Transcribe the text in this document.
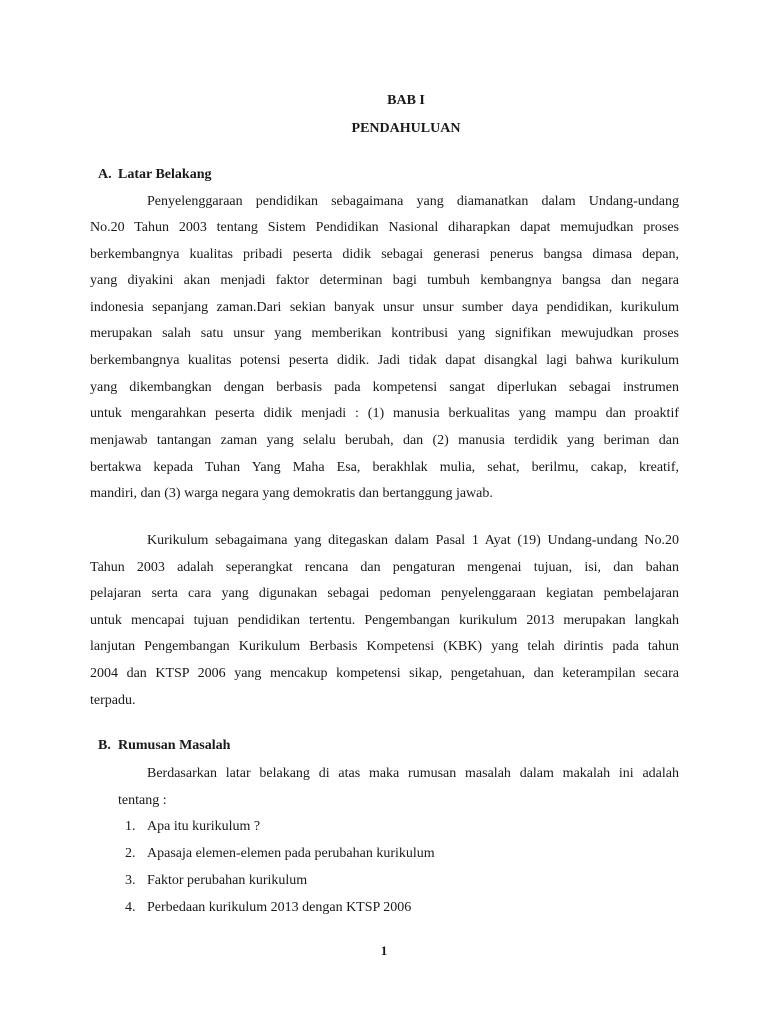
BAB I
PENDAHULUAN
A. Latar Belakang
Penyelenggaraan pendidikan sebagaimana yang diamanatkan dalam Undang-undang
No.20 Tahun 2003 tentang Sistem Pendidikan Nasional diharapkan dapat memujudkan proses
berkembangnya kualitas pribadi peserta didik sebagai generasi penerus bangsa dimasa depan,
yang diyakini akan menjadi faktor determinan bagi tumbuh kembangnya bangsa dan negara
indonesia sepanjang zaman.Dari sekian banyak unsur unsur sumber daya pendidikan, kurikulum
merupakan salah satu unsur yang memberikan kontribusi yang signifikan mewujudkan proses
berkembangnya kualitas potensi peserta didik. Jadi tidak dapat disangkal lagi bahwa kurikulum
yang dikembangkan dengan berbasis pada kompetensi sangat diperlukan sebagai instrumen
untuk mengarahkan peserta didik menjadi : (1) manusia berkualitas yang mampu dan proaktif
menjawab tantangan zaman yang selalu berubah, dan (2) manusia terdidik yang beriman dan
bertakwa kepada Tuhan Yang Maha Esa, berakhlak mulia, sehat, berilmu, cakap, kreatif,
mandiri, dan (3) warga negara yang demokratis dan bertanggung jawab.
Kurikulum sebagaimana yang ditegaskan dalam Pasal 1 Ayat (19) Undang-undang No.20
Tahun 2003 adalah seperangkat rencana dan pengaturan mengenai tujuan, isi, dan bahan
pelajaran serta cara yang digunakan sebagai pedoman penyelenggaraan kegiatan pembelajaran
untuk mencapai tujuan pendidikan tertentu. Pengembangan kurikulum 2013 merupakan langkah
lanjutan Pengembangan Kurikulum Berbasis Kompetensi (KBK) yang telah dirintis pada tahun
2004 dan KTSP 2006 yang mencakup kompetensi sikap, pengetahuan, dan keterampilan secara
terpadu.
B. Rumusan Masalah
Berdasarkan latar belakang di atas maka rumusan masalah dalam makalah ini adalah
tentang :
1. Apa itu kurikulum ?
2. Apasaja elemen-elemen pada perubahan kurikulum
3. Faktor perubahan kurikulum
4. Perbedaan kurikulum 2013 dengan KTSP 2006
1
